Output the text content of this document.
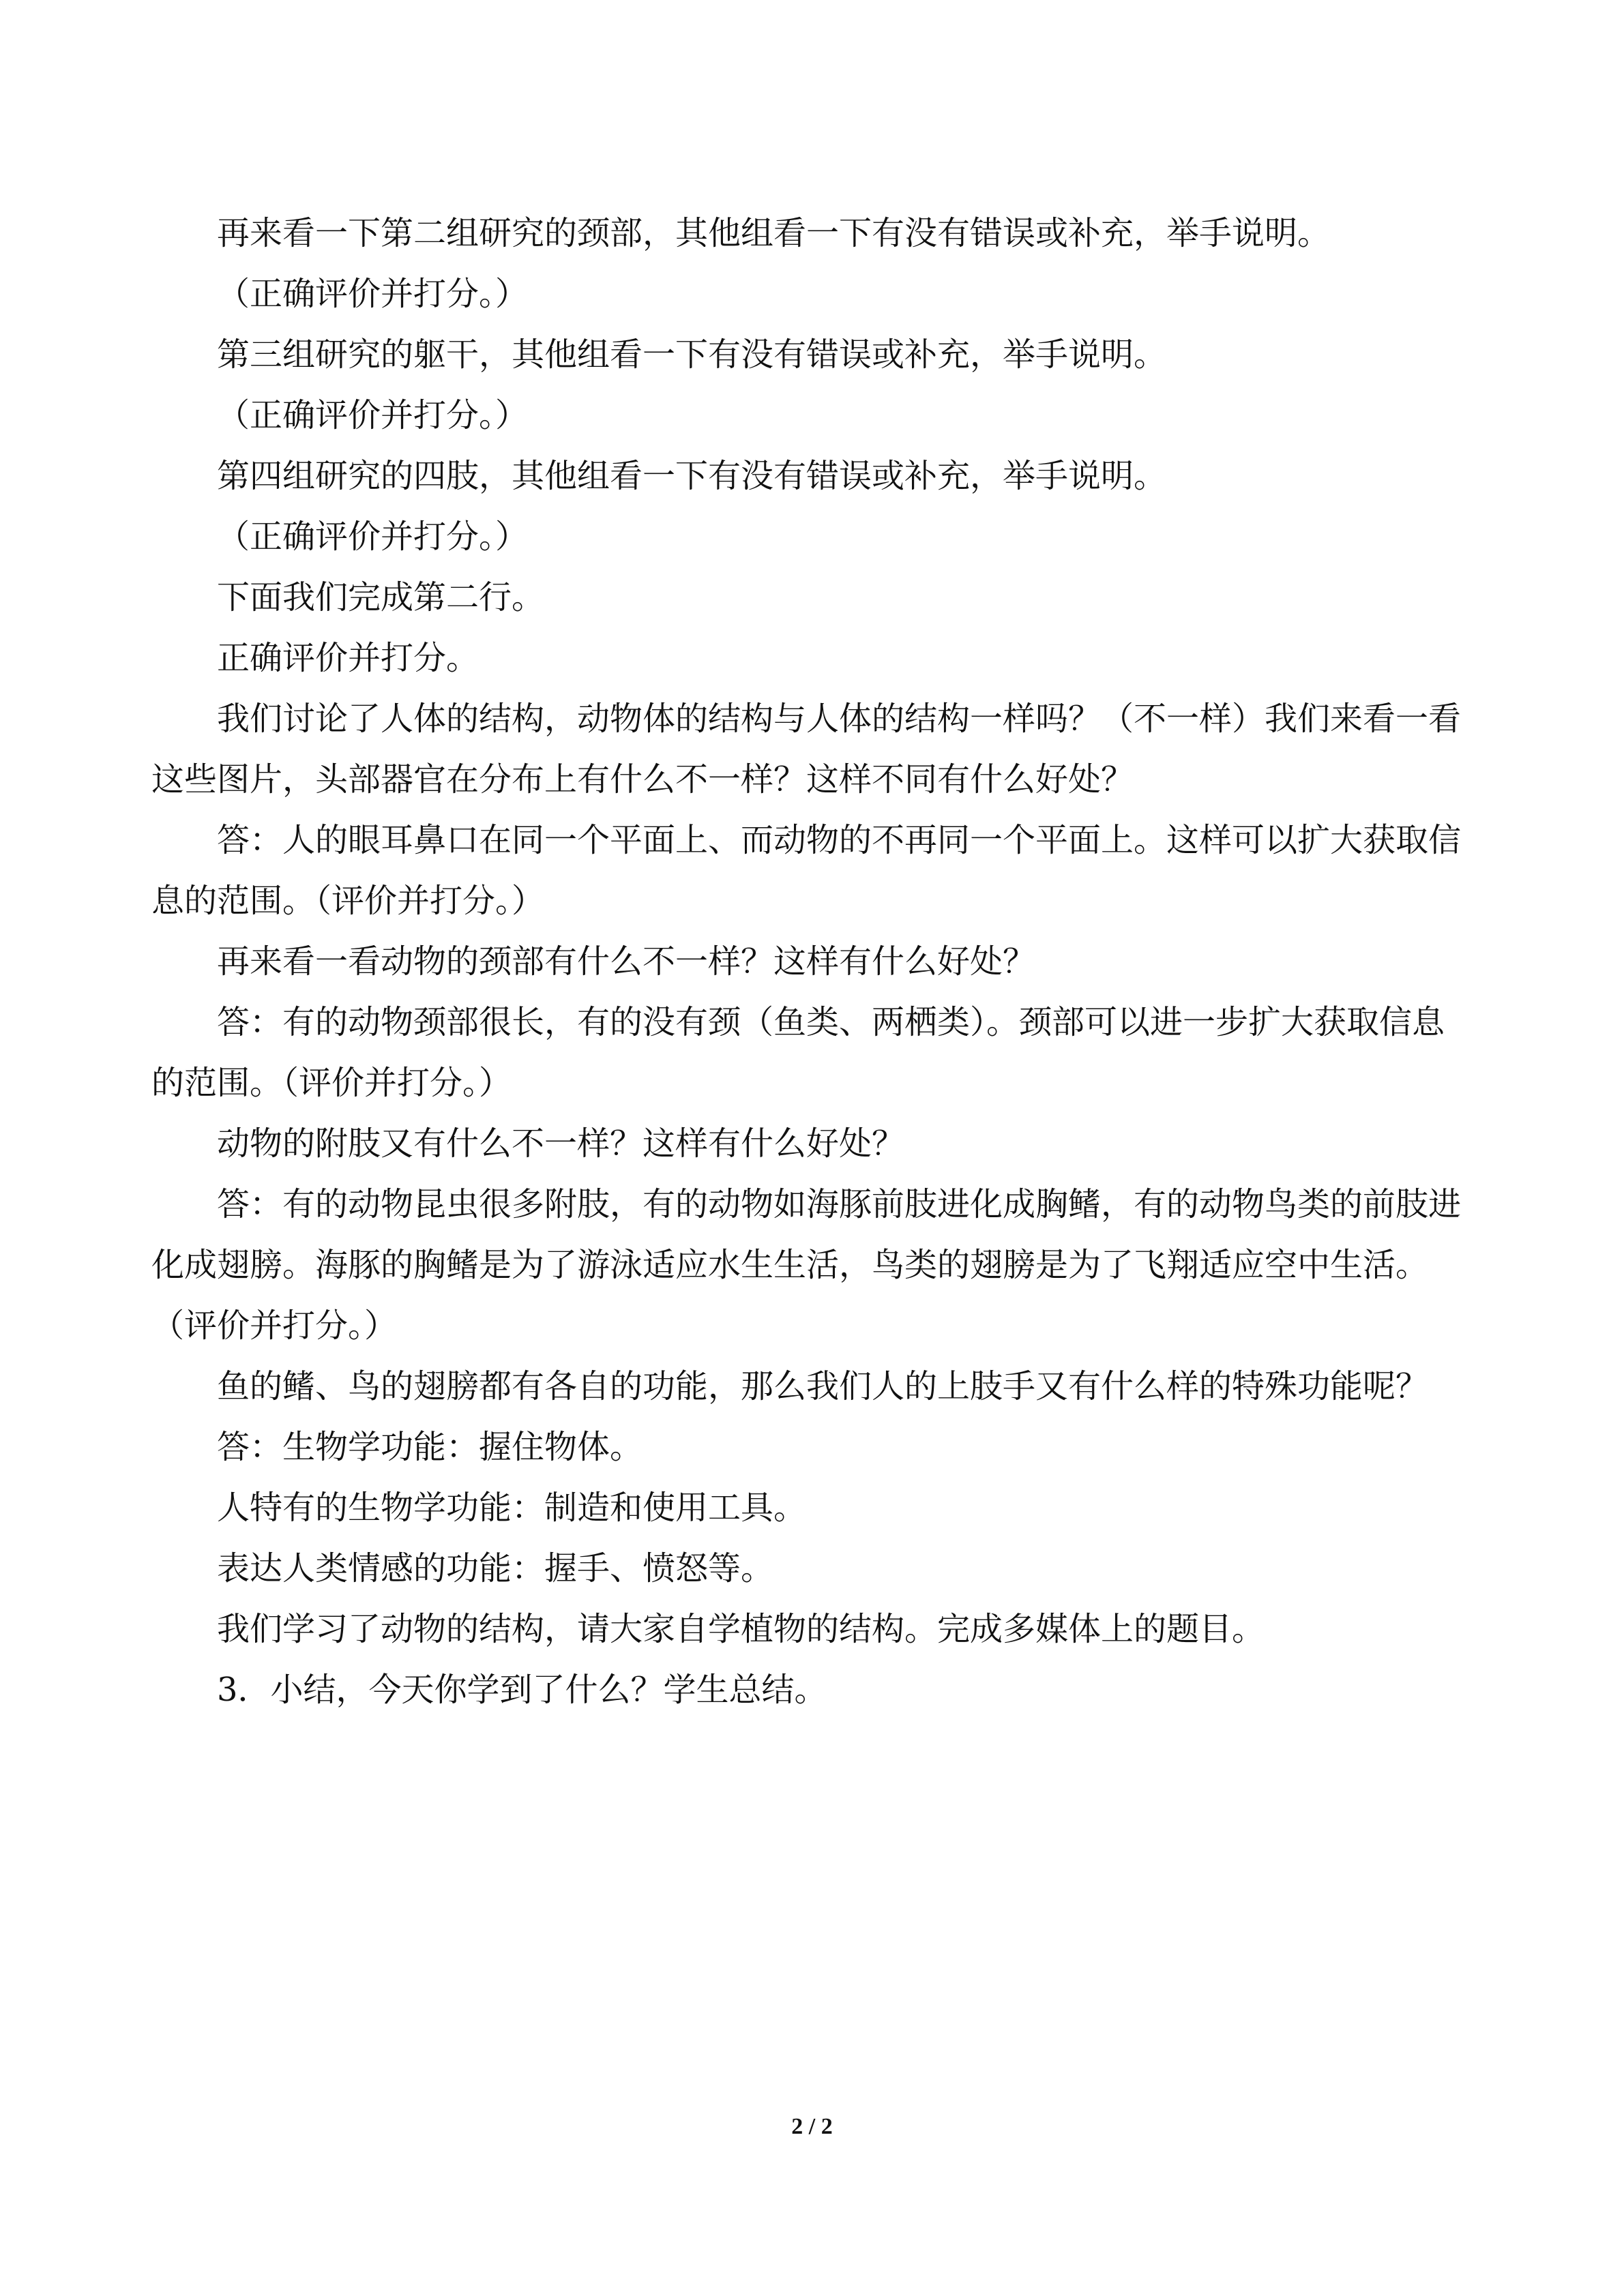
再来看一下第二组研究的颈部，其他组看一下有没有错误或补充，举手说明。

（正确评价并打分。）

第三组研究的躯干，其他组看一下有没有错误或补充，举手说明。

（正确评价并打分。）

第四组研究的四肢，其他组看一下有没有错误或补充，举手说明。

（正确评价并打分。）

下面我们完成第二行。

正确评价并打分。

我们讨论了人体的结构，动物体的结构与人体的结构一样吗？（不一样）我们来看一看这些图片，头部器官在分布上有什么不一样？这样不同有什么好处？

答：人的眼耳鼻口在同一个平面上、而动物的不再同一个平面上。这样可以扩大获取信息的范围。（评价并打分。）

再来看一看动物的颈部有什么不一样？这样有什么好处？

答：有的动物颈部很长，有的没有颈（鱼类、两栖类）。颈部可以进一步扩大获取信息的范围。（评价并打分。）

动物的附肢又有什么不一样？这样有什么好处？

答：有的动物昆虫很多附肢，有的动物如海豚前肢进化成胸鳍，有的动物鸟类的前肢进化成翅膀。海豚的胸鳍是为了游泳适应水生生活，鸟类的翅膀是为了飞翔适应空中生活。

（评价并打分。）

鱼的鳍、鸟的翅膀都有各自的功能，那么我们人的上肢手又有什么样的特殊功能呢？

答：生物学功能：握住物体。

人特有的生物学功能：制造和使用工具。

表达人类情感的功能：握手、愤怒等。

我们学习了动物的结构，请大家自学植物的结构。完成多媒体上的题目。

3．小结，今天你学到了什么？学生总结。

2 / 2
